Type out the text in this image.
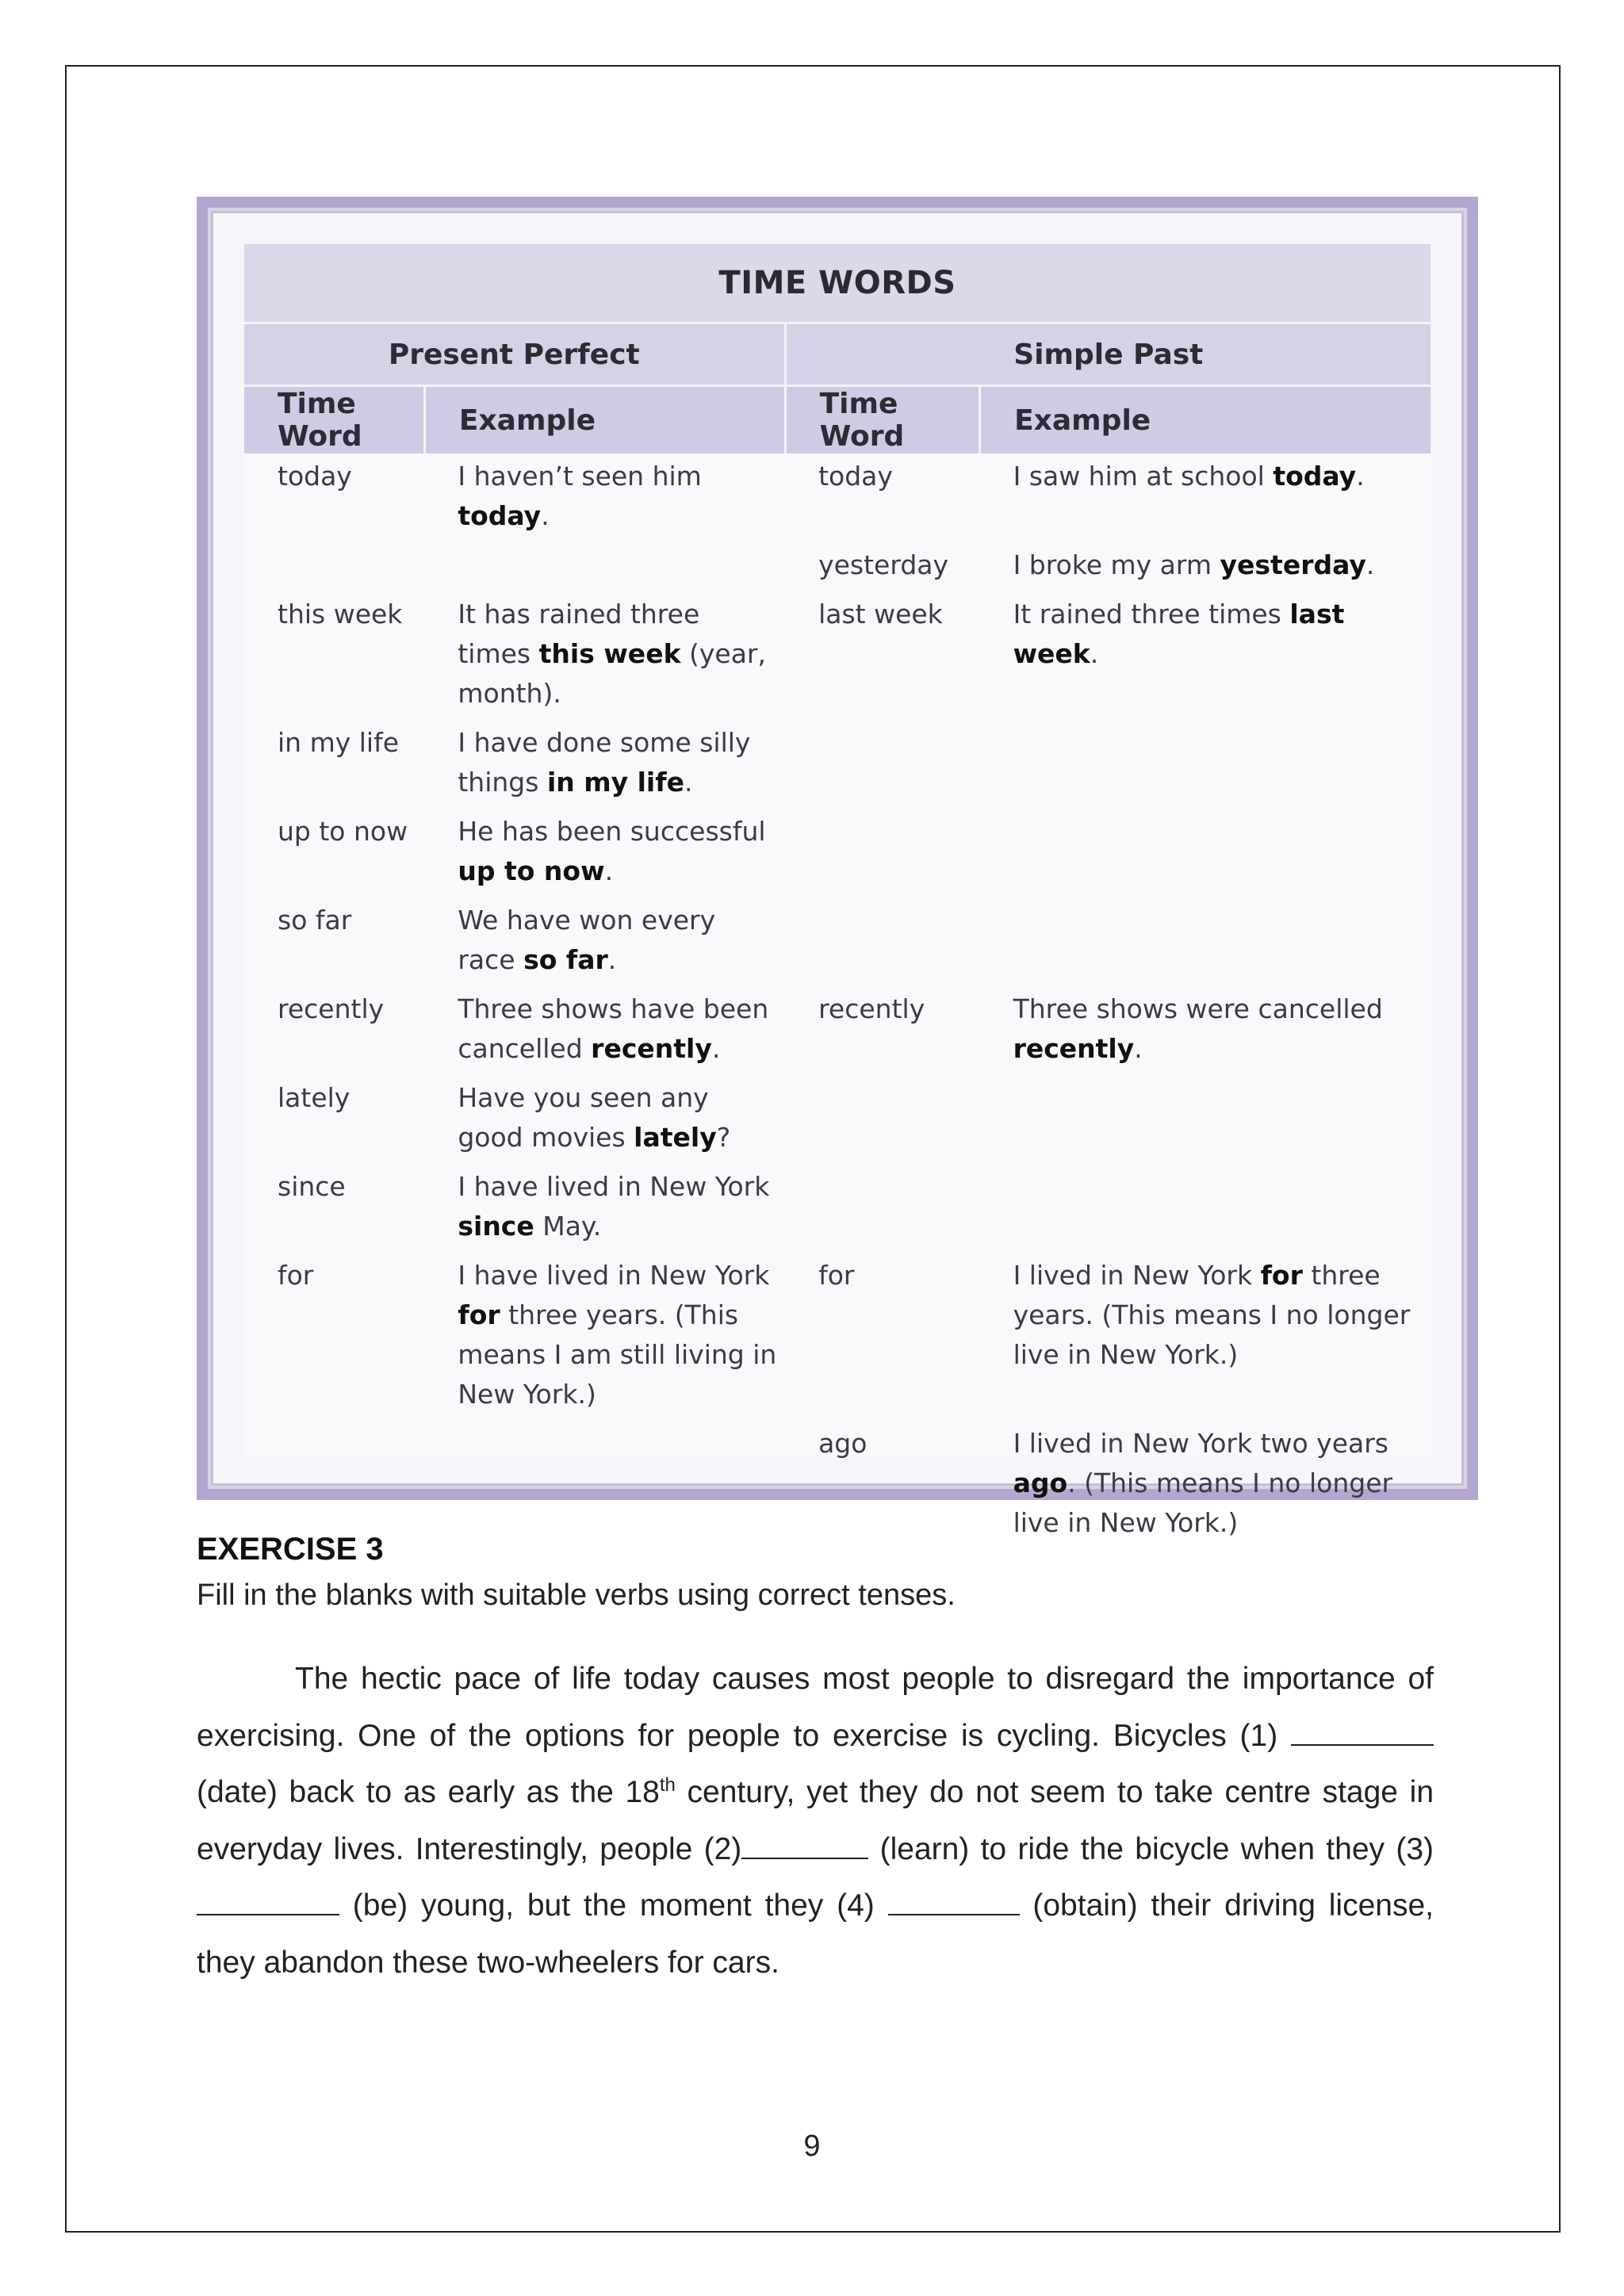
TIME WORDS			
Present Perfect		Simple Past	
Time Word	Example	Time Word	Example
today	I haven’t seen him today.	today	I saw him at school today.
		yesterday	I broke my arm yesterday.
this week	It has rained three times this week (year, month).	last week	It rained three times last week.
in my life	I have done some silly things in my life.		
up to now	He has been successful up to now.		
so far	We have won every race so far.		
recently	Three shows have been cancelled recently.	recently	Three shows were cancelled recently.
lately	Have you seen any good movies lately?		
since	I have lived in New York since May.		
for	I have lived in New York for three years. (This means I am still living in New York.)	for	I lived in New York for three years. (This means I no longer live in New York.)
		ago	I lived in New York two years ago. (This means I no longer live in New York.)
EXERCISE 3
Fill in the blanks with suitable verbs using correct tenses.
The hectic pace of life today causes most people to disregard the importance of exercising. One of the options for people to exercise is cycling. Bicycles (1)  (date) back to as early as the 18th century, yet they do not seem to take centre stage in everyday lives. Interestingly, people (2)	(learn) to ride the bicycle when they (3)  (be) young, but the moment they (4)	(obtain) their driving license, they abandon these two-wheelers for cars.
9
